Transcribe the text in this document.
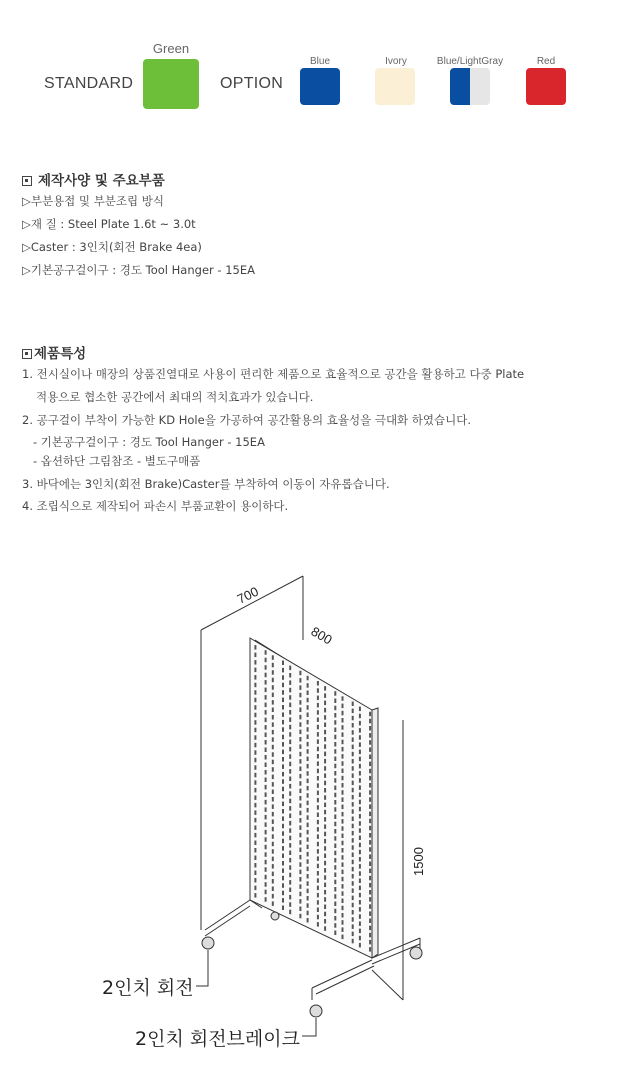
STANDARD
Green
OPTION
Blue	Ivory	Blue/LightGray	Red
제작사양 및 주요부품
▷부분용접 및 부분조립 방식
▷재 질 : Steel Plate 1.6t ~ 3.0t
▷Caster : 3인치(회전 Brake 4ea)
▷기본공구걸이구 : 경도 Tool Hanger - 15EA
제품특성
1. 전시실이나 매장의 상품진열대로 사용이 편리한 제품으로 효율적으로 공간을 활용하고 다중 Plate
적용으로 협소한 공간에서 최대의 적치효과가 있습니다.
2. 공구걸이 부착이 가능한 KD Hole을 가공하여 공간활용의 효율성을 극대화 하였습니다.
- 기본공구걸이구 : 경도 Tool Hanger - 15EA
- 옵션하단 그림참조 - 별도구매품
3. 바닥에는 3인치(회전 Brake)Caster를 부착하여 이동이 자유롭습니다.
4. 조립식으로 제작되어 파손시 부품교환이 용이하다.
700
800
1500
2인치 회전
2인치 회전브레이크
